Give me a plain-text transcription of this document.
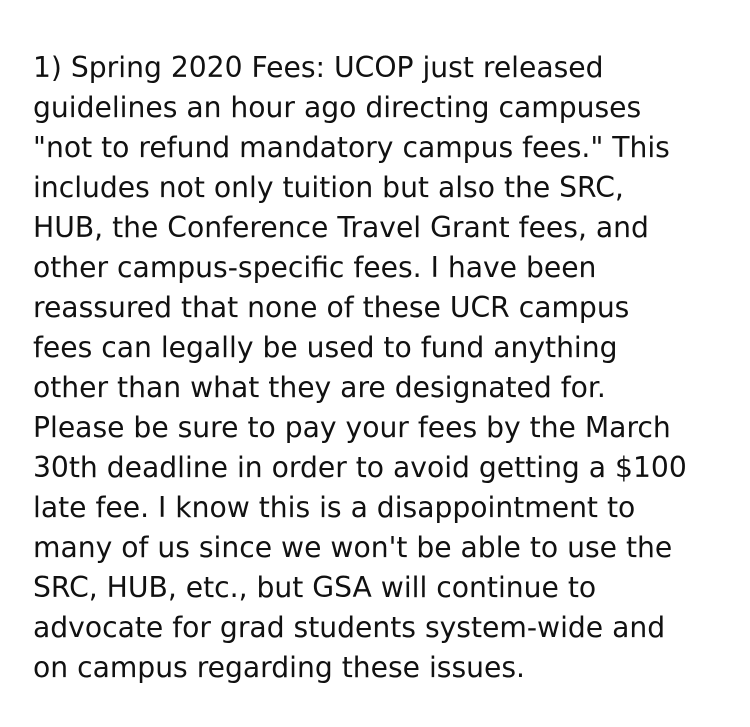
1) Spring 2020 Fees: UCOP just released
guidelines an hour ago directing campuses
"not to refund mandatory campus fees." This
includes not only tuition but also the SRC,
HUB, the Conference Travel Grant fees, and
other campus-specific fees. I have been
reassured that none of these UCR campus
fees can legally be used to fund anything
other than what they are designated for.
Please be sure to pay your fees by the March
30th deadline in order to avoid getting a $100
late fee. I know this is a disappointment to
many of us since we won't be able to use the
SRC, HUB, etc., but GSA will continue to
advocate for grad students system-wide and
on campus regarding these issues.
